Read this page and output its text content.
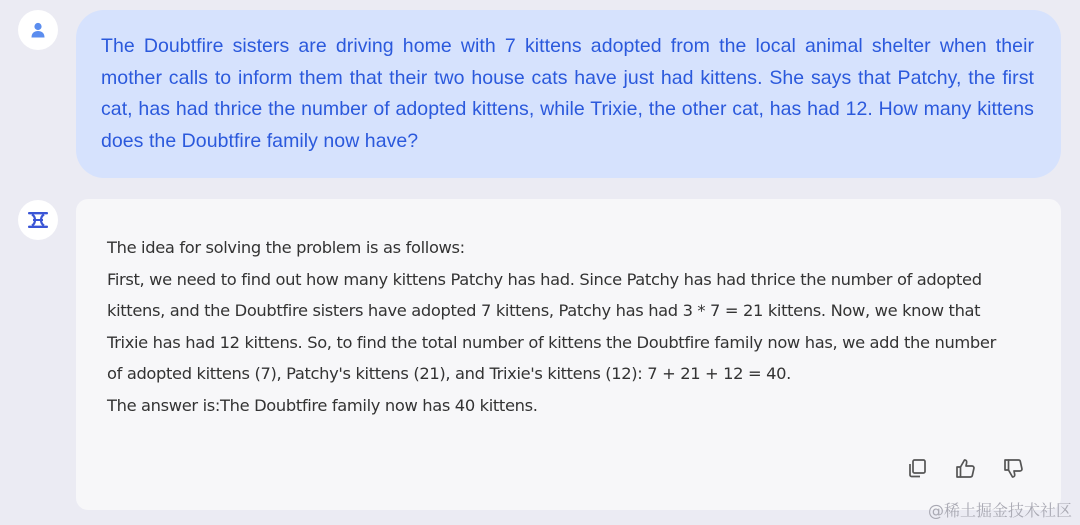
The Doubtfire sisters are driving home with 7 kittens adopted from the local animal shelter when their mother calls to inform them that their two house cats have just had kittens. She says that Patchy, the first cat, has had thrice the number of adopted kittens, while Trixie, the other cat, has had 12. How many kittens does the Doubtfire family now have?

The idea for solving the problem is as follows:
First, we need to find out how many kittens Patchy has had. Since Patchy has had thrice the number of adopted
kittens, and the Doubtfire sisters have adopted 7 kittens, Patchy has had 3 * 7 = 21 kittens. Now, we know that
Trixie has had 12 kittens. So, to find the total number of kittens the Doubtfire family now has, we add the number
of adopted kittens (7), Patchy's kittens (21), and Trixie's kittens (12): 7 + 21 + 12 = 40.
The answer is:The Doubtfire family now has 40 kittens.
@稀土掘金技术社区
